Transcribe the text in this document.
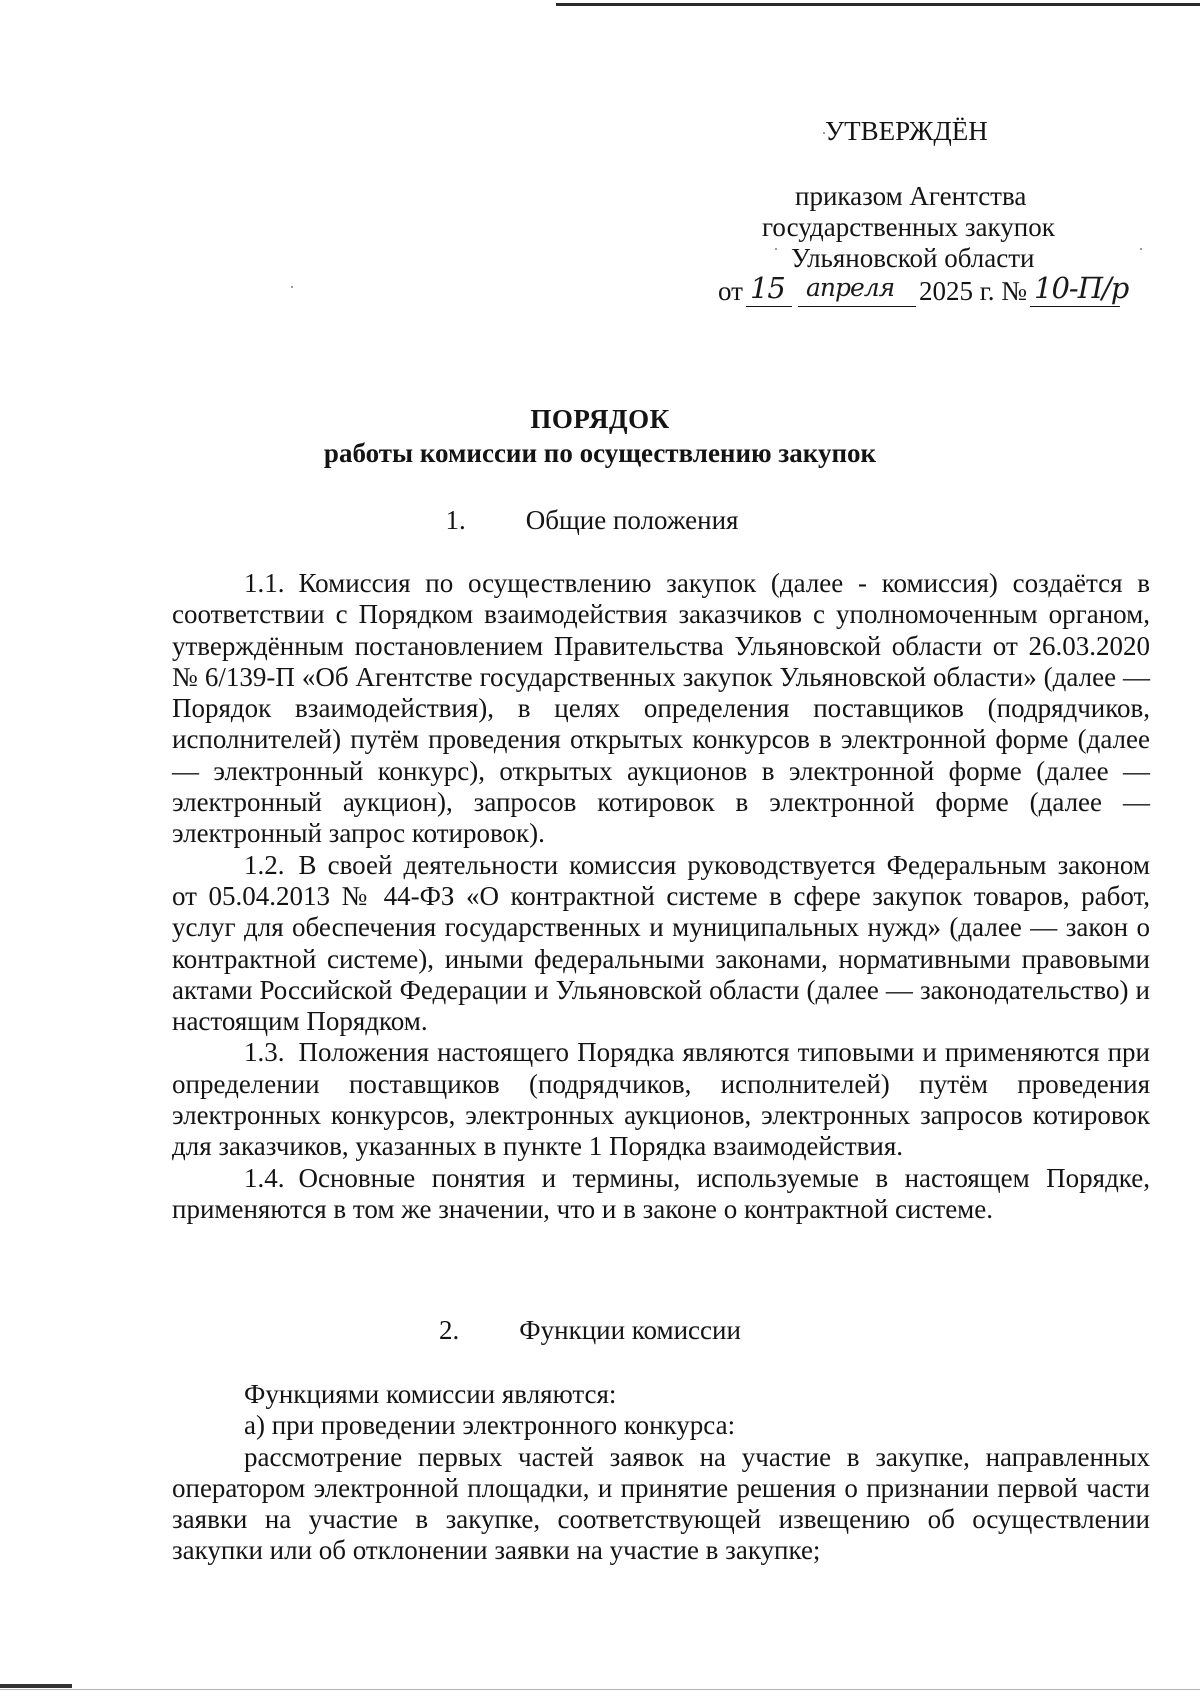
УТВЕРЖДЁН
приказом Агентства
государственных закупок
Ульяновской области
от 15 апреля 2025 г. № 10-П/р
ПОРЯДОК
работы комиссии по осуществлению закупок
1. Общие положения

1.1. Комиссия по осуществлению закупок (далее - комиссия) создаётся в соответствии с Порядком взаимодействия заказчиков с уполномоченным органом, утверждённым постановлением Правительства Ульяновской области от 26.03.2020 № 6/139-П «Об Агентстве государственных закупок Ульяновской области» (далее — Порядок взаимодействия), в целях определения поставщиков (подрядчиков, исполнителей) путём проведения открытых конкурсов в электронной форме (далее — электронный конкурс), открытых аукционов в электронной форме (далее — электронный аукцион), запросов котировок в электронной форме (далее — электронный запрос котировок).

1.2. В своей деятельности комиссия руководствуется Федеральным законом от 05.04.2013 № 44-ФЗ «О контрактной системе в сфере закупок товаров, работ, услуг для обеспечения государственных и муниципальных нужд» (далее — закон о контрактной системе), иными федеральными законами, нормативными правовыми актами Российской Федерации и Ульяновской области (далее — законодательство) и настоящим Порядком.

1.3. Положения настоящего Порядка являются типовыми и применяются при определении поставщиков (подрядчиков, исполнителей) путём проведения электронных конкурсов, электронных аукционов, электронных запросов котировок для заказчиков, указанных в пункте 1 Порядка взаимодействия.

1.4. Основные понятия и термины, используемые в настоящем Порядке, применяются в том же значении, что и в законе о контрактной системе.

2. Функции комиссии

Функциями комиссии являются:

а) при проведении электронного конкурса:

рассмотрение первых частей заявок на участие в закупке, направленных оператором электронной площадки, и принятие решения о признании первой части заявки на участие в закупке, соответствующей извещению об осуществлении закупки или об отклонении заявки на участие в закупке;
